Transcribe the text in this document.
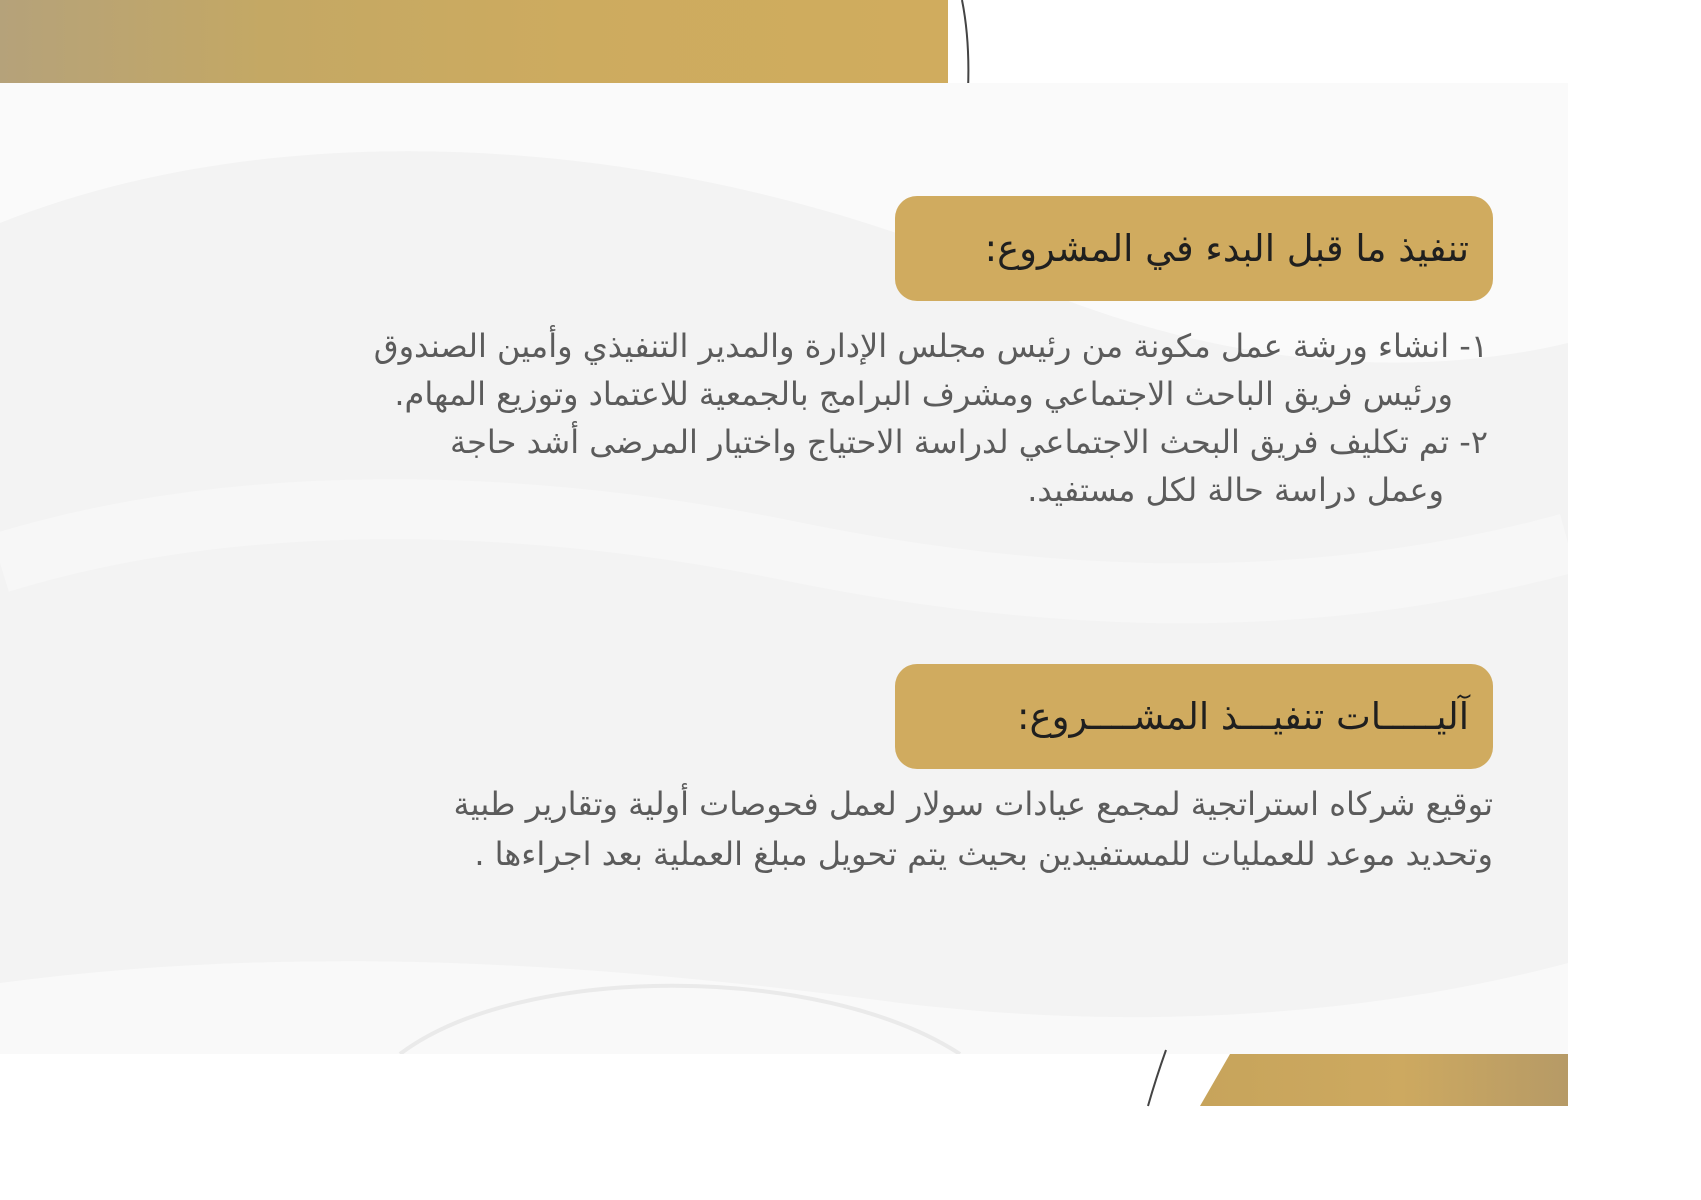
تنفيذ ما قبل البدء في المشروع:

١- انشاء ورشة عمل مكونة من رئيس مجلس الإدارة والمدير التنفيذي وأمين الصندوق

ورئيس فريق الباحث الاجتماعي ومشرف البرامج بالجمعية للاعتماد وتوزيع المهام.

٢- تم تكليف فريق البحث الاجتماعي لدراسة الاحتياج واختيار المرضى أشد حاجة

وعمل دراسة حالة لكل مستفيد.

آليـــــات تنفيـــذ المشــــروع:

توقيع شركاه استراتجية لمجمع عيادات سولار لعمل فحوصات أولية وتقارير طبية

وتحديد موعد للعمليات للمستفيدين بحيث يتم تحويل مبلغ العملية بعد اجراءها .
